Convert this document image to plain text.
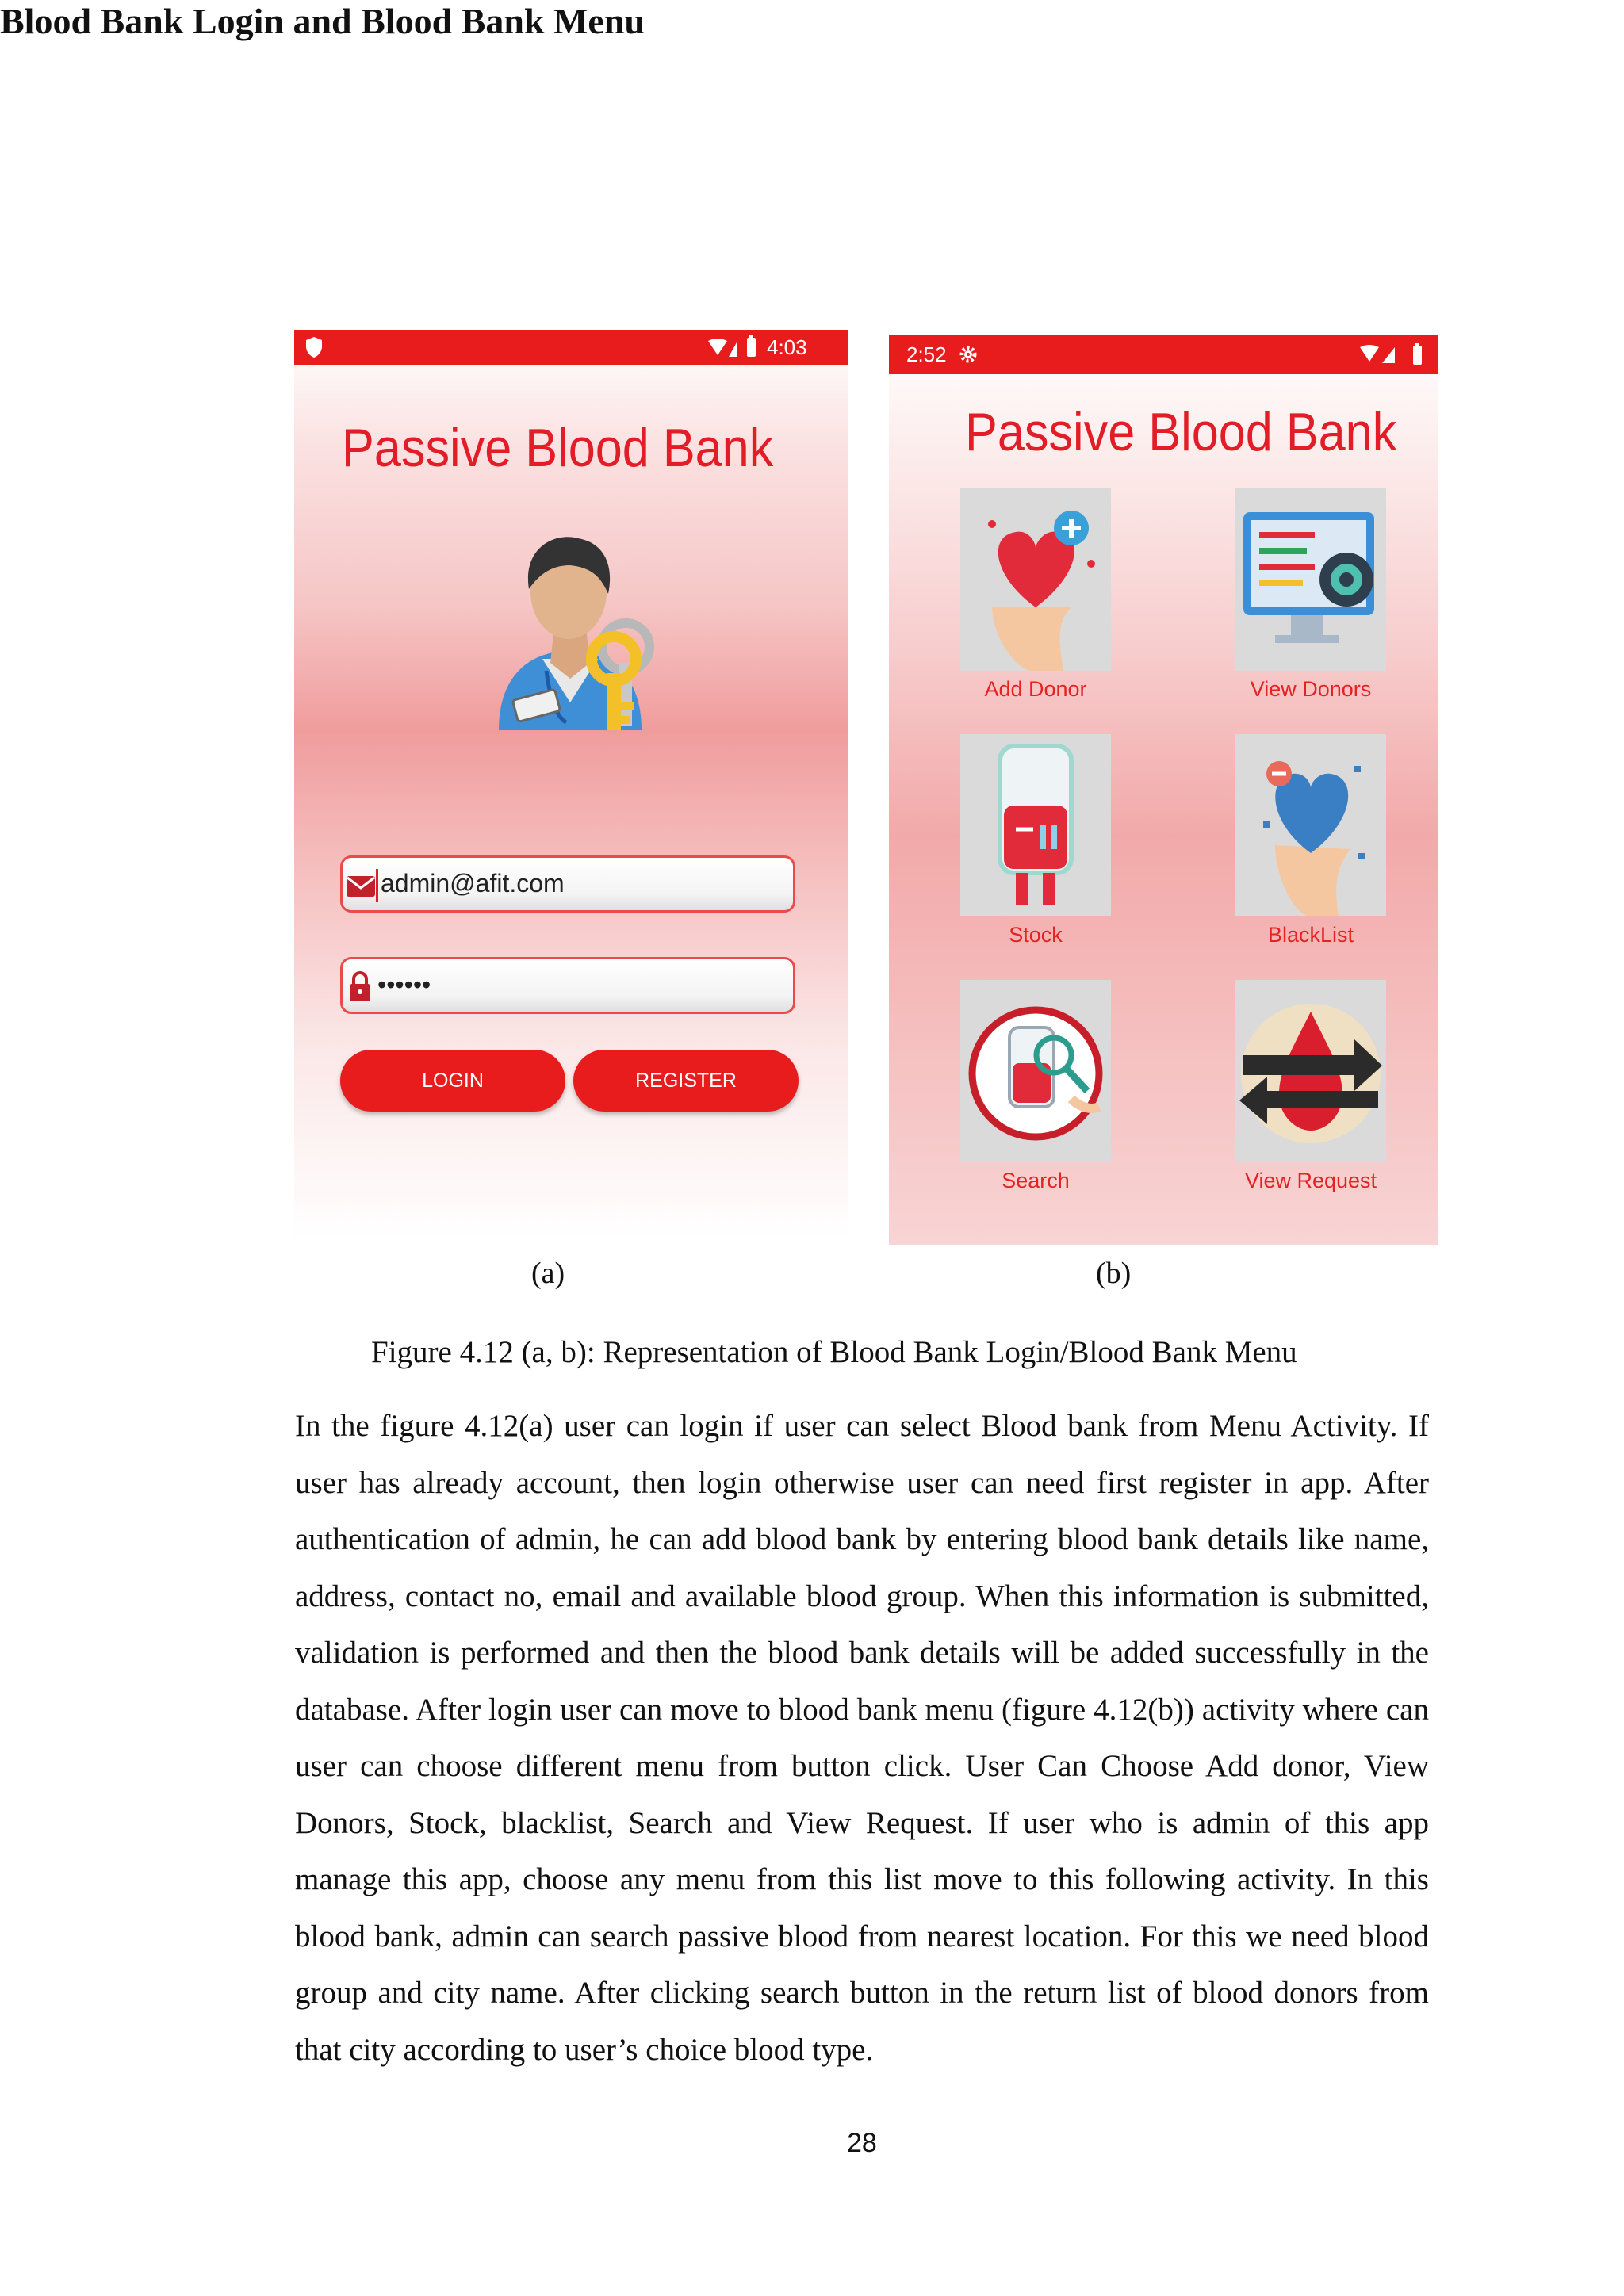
Blood Bank Login and Blood Bank Menu
4:03
Passive Blood Bank
admin@afit.com
••••••
LOGIN	REGISTER
2:52
Passive Blood Bank
Add Donor	View Donors
Stock	BlackList
Search	View Request
(a)	(b)
Figure 4.12 (a, b): Representation of Blood Bank Login/Blood Bank Menu

In the figure 4.12(a) user can login if user can select Blood bank from Menu Activity. If user has already account, then login otherwise user can need first register in app. After authentication of admin, he can add blood bank by entering blood bank details like name, address, contact no, email and available blood group. When this information is submitted, validation is performed and then the blood bank details will be added successfully in the database. After login user can move to blood bank menu (figure 4.12(b)) activity where can user can choose different menu from button click. User Can Choose Add donor, View Donors, Stock, blacklist, Search and View Request. If user who is admin of this app manage this app, choose any menu from this list move to this following activity. In this blood bank, admin can search passive blood from nearest location. For this we need blood group and city name. After clicking search button in the return list of blood donors from that city according to user’s choice blood type.

28
